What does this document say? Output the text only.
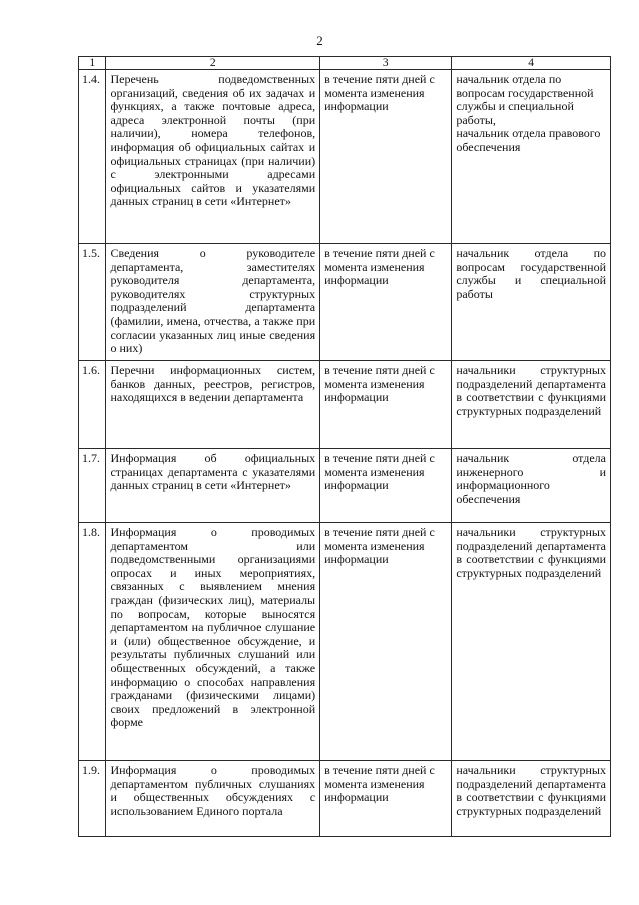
2
1	2	3	4
1.4.	Перечень подведомственных организаций, сведения об их задачах и функциях, а также почтовые адреса, адреса электронной почты (при наличии), номера телефонов, информация об официальных сайтах и официальных страницах (при наличии) с электронными адресами официальных сайтов и указателями данных страниц в сети «Интернет»	в течение пяти дней с момента изменения информации	начальник отдела по вопросам государственной службы и специальной работы,
начальник отдела правового обеспечения
1.5.	Сведения о руководителе департамента, заместителях руководителя департамента, руководителях структурных подразделений департамента (фамилии, имена, отчества, а также при согласии указанных лиц иные сведения о них)	в течение пяти дней с момента изменения информации	начальник отдела по вопросам государственной службы и специальной работы
1.6.	Перечни информационных систем, банков данных, реестров, регистров, находящихся в ведении департамента	в течение пяти дней с момента изменения информации	начальники структурных подразделений департамента в соответствии с функциями структурных подразделений
1.7.	Информация об официальных страницах департамента с указателями данных страниц в сети «Интернет»	в течение пяти дней с момента изменения информации	начальник отдела инженерного и информационного обеспечения
1.8.	Информация о проводимых департаментом или подведомственными организациями опросах и иных мероприятиях, связанных с выявлением мнения граждан (физических лиц), материалы по вопросам, которые выносятся департаментом на публичное слушание и (или) общественное обсуждение, и результаты публичных слушаний или общественных обсуждений, а также информацию о способах направления гражданами (физическими лицами) своих предложений в электронной форме	в течение пяти дней с момента изменения информации	начальники структурных подразделений департамента в соответствии с функциями структурных подразделений
1.9.	Информация о проводимых департаментом публичных слушаниях и общественных обсуждениях с использованием Единого портала	в течение пяти дней с момента изменения информации	начальники структурных подразделений департамента в соответствии с функциями структурных подразделений
